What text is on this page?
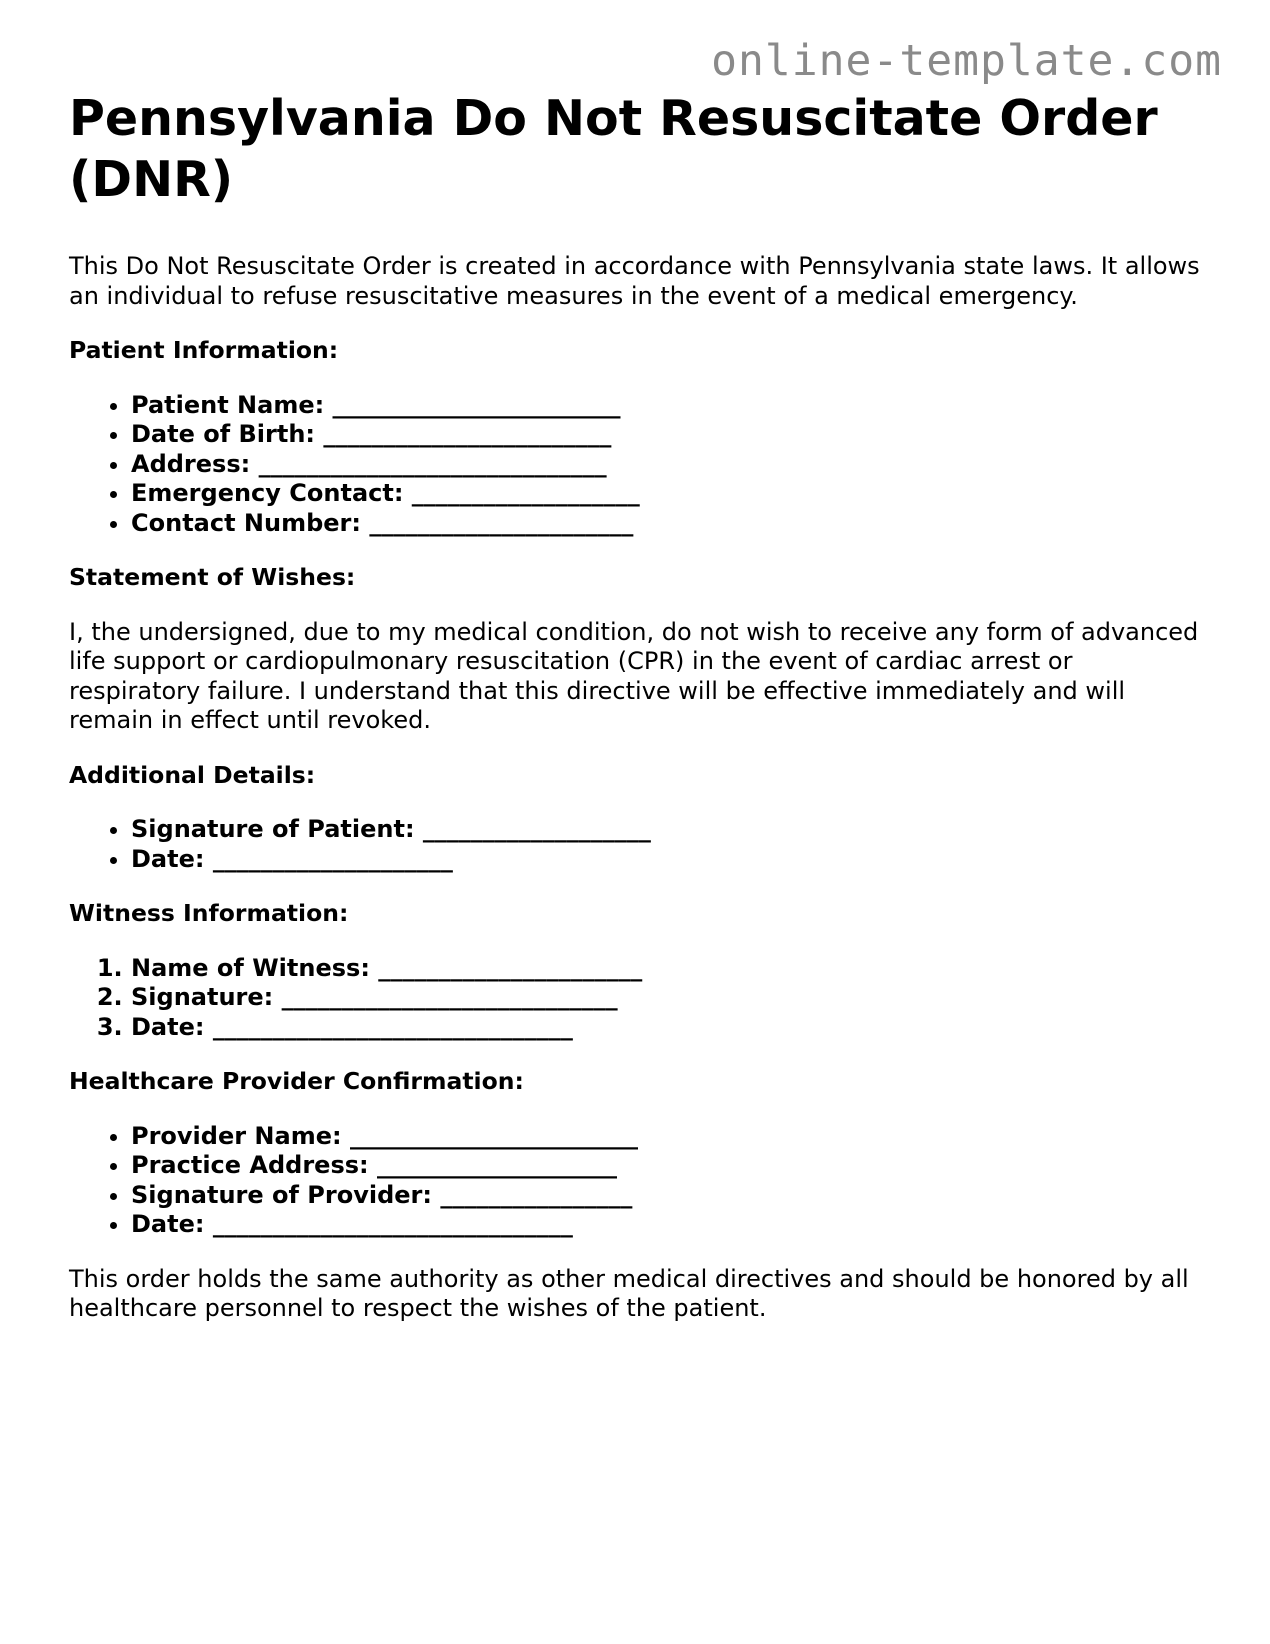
online-template.com
Pennsylvania Do Not Resuscitate Order (DNR)

This Do Not Resuscitate Order is created in accordance with Pennsylvania state laws. It allows an individual to refuse resuscitative measures in the event of a medical emergency.

Patient Information:

• Patient Name: ________________________
• Date of Birth: ________________________
• Address: _____________________________
• Emergency Contact: ___________________
• Contact Number: ______________________

Statement of Wishes:

I, the undersigned, due to my medical condition, do not wish to receive any form of advanced life support or cardiopulmonary resuscitation (CPR) in the event of cardiac arrest or respiratory failure. I understand that this directive will be effective immediately and will remain in effect until revoked.

Additional Details:

• Signature of Patient: ___________________
• Date: ____________________

Witness Information:

1. Name of Witness: ______________________
2. Signature: ____________________________
3. Date: ______________________________

Healthcare Provider Confirmation:

• Provider Name: ________________________
• Practice Address: ____________________
• Signature of Provider: ________________
• Date: ______________________________

This order holds the same authority as other medical directives and should be honored by all healthcare personnel to respect the wishes of the patient.
